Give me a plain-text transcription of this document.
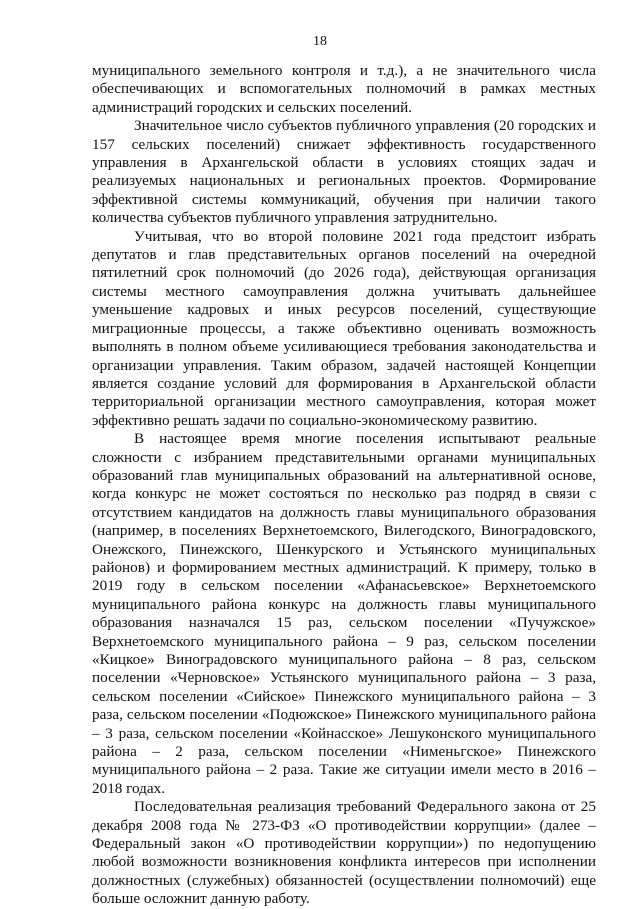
18

муниципального земельного контроля и т.д.), а не значительного числа обеспечивающих и вспомогательных полномочий в рамках местных администраций городских и сельских поселений.

Значительное число субъектов публичного управления (20 городских и 157 сельских поселений) снижает эффективность государственного управления в Архангельской области в условиях стоящих задач и реализуемых национальных и региональных проектов. Формирование эффективной системы коммуникаций, обучения при наличии такого количества субъектов публичного управления затруднительно.

Учитывая, что во второй половине 2021 года предстоит избрать депутатов и глав представительных органов поселений на очередной пятилетний срок полномочий (до 2026 года), действующая организация системы местного самоуправления должна учитывать дальнейшее уменьшение кадровых и иных ресурсов поселений, существующие миграционные процессы, а также объективно оценивать возможность выполнять в полном объеме усиливающиеся требования законодательства и организации управления. Таким образом, задачей настоящей Концепции является создание условий для формирования в Архангельской области территориальной организации местного самоуправления, которая может эффективно решать задачи по социально-экономическому развитию.

В настоящее время многие поселения испытывают реальные сложности с избранием представительными органами муниципальных образований глав муниципальных образований на альтернативной основе, когда конкурс не может состояться по несколько раз подряд в связи с отсутствием кандидатов на должность главы муниципального образования (например, в поселениях Верхнетоемского, Вилегодского, Виноградовского, Онежского, Пинежского, Шенкурского и Устьянского муниципальных районов) и формированием местных администраций. К примеру, только в 2019 году в сельском поселении «Афанасьевское» Верхнетоемского муниципального района конкурс на должность главы муниципального образования назначался 15 раз, сельском поселении «Пучужское» Верхнетоемского муниципального района – 9 раз, сельском поселении «Кицкое» Виноградовского муниципального района – 8 раз, сельском поселении «Черновское» Устьянского муниципального района – 3 раза, сельском поселении «Сийское» Пинежского муниципального района – 3 раза, сельском поселении «Подюжское» Пинежского муниципального района – 3 раза, сельском поселении «Койнасское» Лешуконского муниципального района – 2 раза, сельском поселении «Нименьгское» Пинежского муниципального района – 2 раза. Такие же ситуации имели место в 2016 – 2018 годах.

Последовательная реализация требований Федерального закона от 25 декабря 2008 года № 273-ФЗ «О противодействии коррупции» (далее – Федеральный закон «О противодействии коррупции») по недопущению любой возможности возникновения конфликта интересов при исполнении должностных (служебных) обязанностей (осуществлении полномочий) еще больше осложнит данную работу.
